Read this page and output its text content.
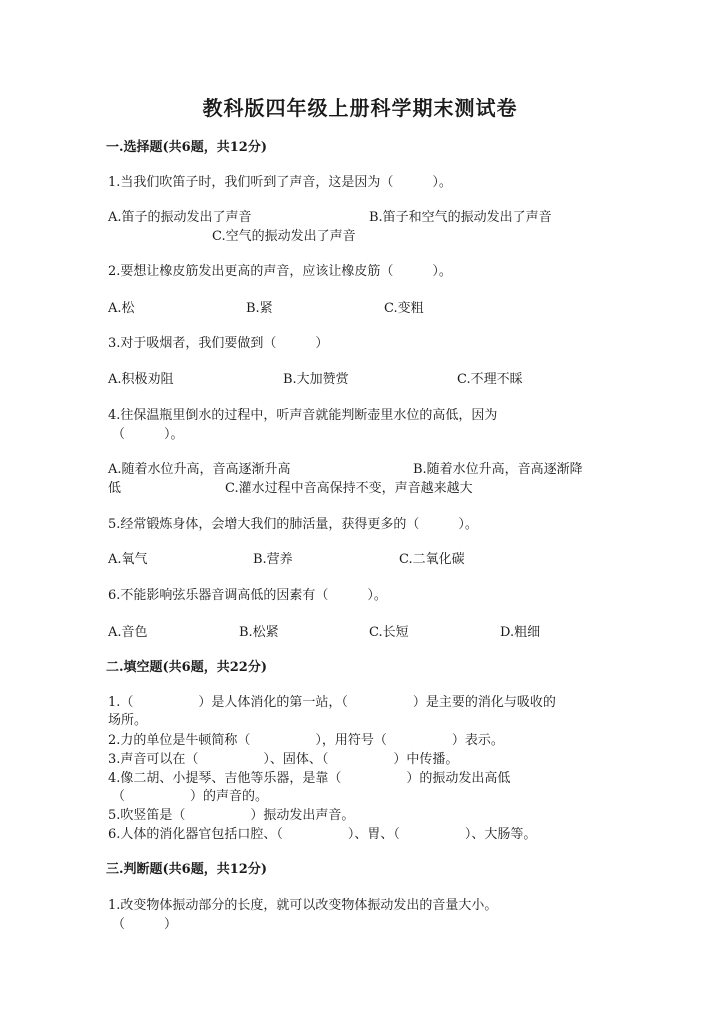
教科版四年级上册科学期末测试卷
一.选择题(共6题，共12分)
1.当我们吹笛子时，我们听到了声音，这是因为（　　　）。
A.笛子的振动发出了声音	B.笛子和空气的振动发出了声音
C.空气的振动发出了声音
2.要想让橡皮筋发出更高的声音，应该让橡皮筋（　　　）。
A.松	B.紧	C.变粗
3.对于吸烟者，我们要做到（　　　）
A.积极劝阻	B.大加赞赏	C.不理不睬
4.往保温瓶里倒水的过程中，听声音就能判断壶里水位的高低，因为
（　　　）。
A.随着水位升高，音高逐渐升高	B.随着水位升高，音高逐渐降
低	C.灌水过程中音高保持不变，声音越来越大
5.经常锻炼身体，会增大我们的肺活量，获得更多的（　　　）。
A.氧气	B.营养	C.二氧化碳
6.不能影响弦乐器音调高低的因素有（　　　）。
A.音色	B.松紧	C.长短	D.粗细
二.填空题(共6题，共22分)
1.（　　　　　）是人体消化的第一站，（　　　　　）是主要的消化与吸收的
场所。
2.力的单位是牛顿简称（　　　　　），用符号（　　　　　）表示。
3.声音可以在（　　　　　）、固体、（　　　　　）中传播。
4.像二胡、小提琴、吉他等乐器，是靠（　　　　　）的振动发出高低
（　　　　　）的声音的。
5.吹竖笛是（　　　　　）振动发出声音。
6.人体的消化器官包括口腔、（　　　　　）、胃、（　　　　　）、大肠等。
三.判断题(共6题，共12分)
1.改变物体振动部分的长度，就可以改变物体振动发出的音量大小。
（　　　）
